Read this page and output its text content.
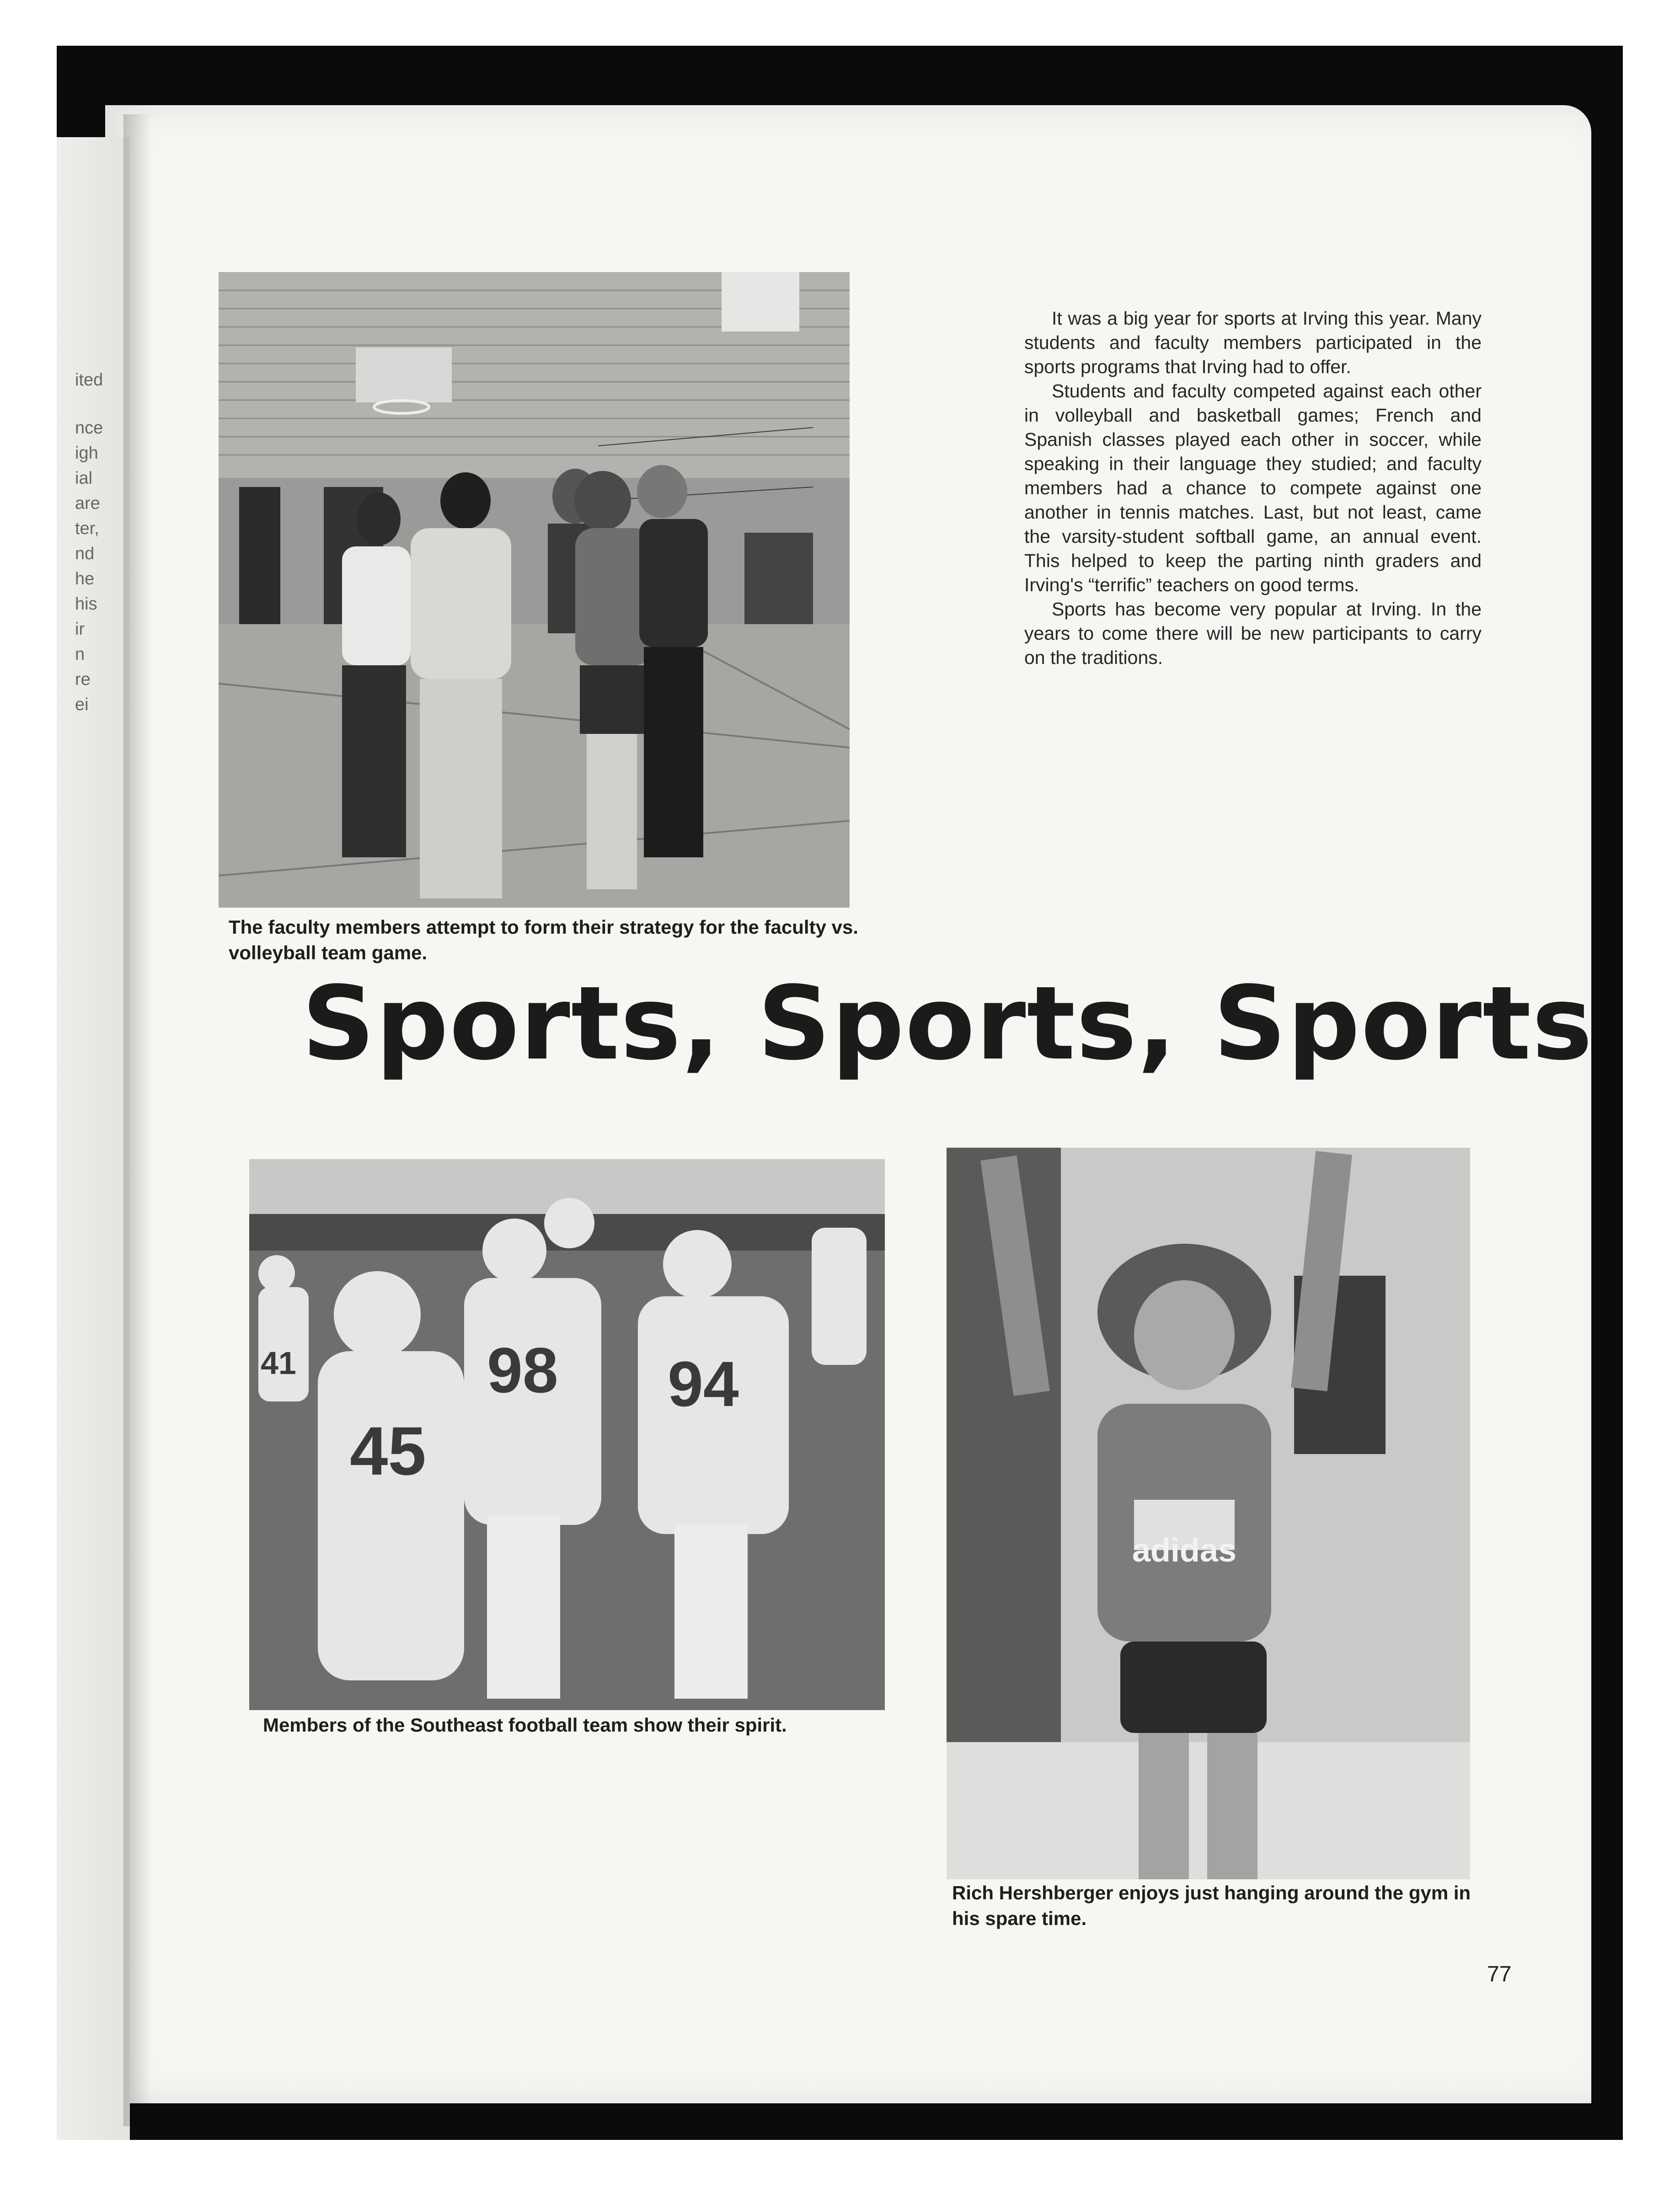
ited
nce
igh
ial
are
ter,
nd
he
his
ir
n
re
ei
The faculty members attempt to form their strategy for the faculty vs. volleyball team game.

It was a big year for sports at Irving this year. Many students and faculty members participated in the sports programs that Irving had to offer.

Students and faculty competed against each other in volleyball and basketball games; French and Spanish classes played each other in soccer, while speaking in their language they studied; and faculty members had a chance to compete against one another in tennis matches. Last, but not least, came the varsity-student softball game, an annual event. This helped to keep the parting ninth graders and Irving's “terrific” teachers on good terms.

Sports has become very popular at Irving. In the years to come there will be new participants to carry on the traditions.

Sports, Sports, Sports
41	98 94
45
Members of the Southeast football team show their spirit.
adidas
Rich Hershberger enjoys just hanging around the gym in his spare time.
77
